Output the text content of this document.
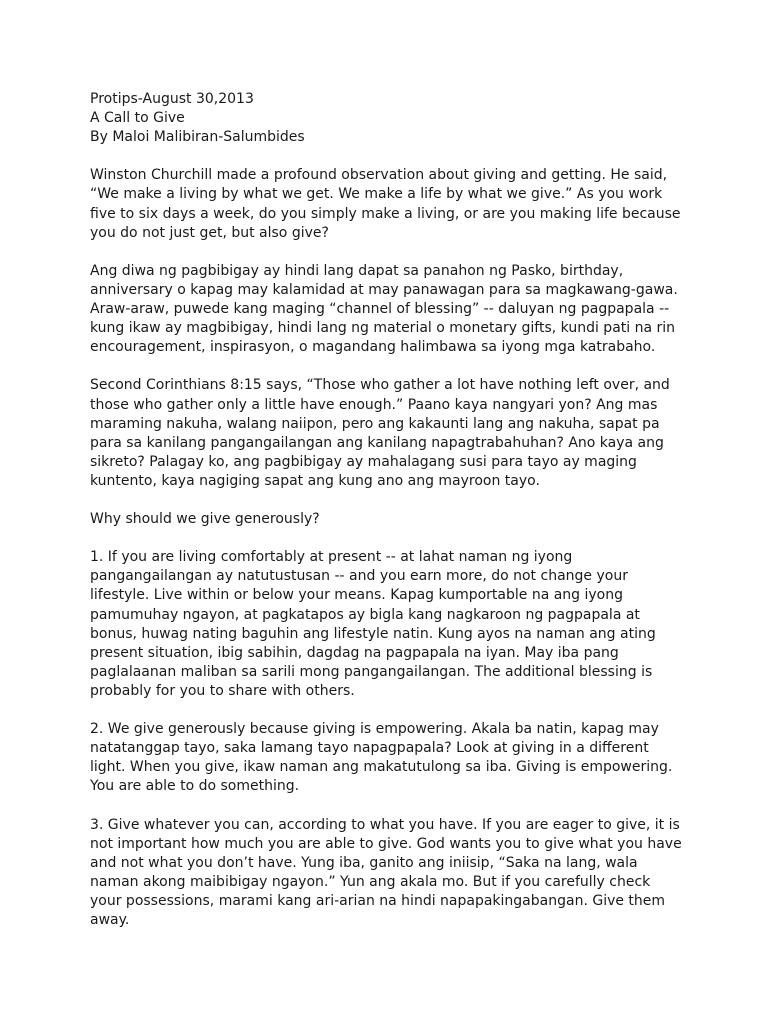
Protips-August 30,2013
A Call to Give
By Maloi Malibiran-Salumbides

Winston Churchill made a profound observation about giving and getting. He said,
“We make a living by what we get. We make a life by what we give.” As you work
five to six days a week, do you simply make a living, or are you making life because
you do not just get, but also give?

Ang diwa ng pagbibigay ay hindi lang dapat sa panahon ng Pasko, birthday,
anniversary o kapag may kalamidad at may panawagan para sa magkawang-gawa.
Araw-araw, puwede kang maging “channel of blessing” -- daluyan ng pagpapala --
kung ikaw ay magbibigay, hindi lang ng material o monetary gifts, kundi pati na rin
encouragement, inspirasyon, o magandang halimbawa sa iyong mga katrabaho.

Second Corinthians 8:15 says, “Those who gather a lot have nothing left over, and
those who gather only a little have enough.” Paano kaya nangyari yon? Ang mas
maraming nakuha, walang naiipon, pero ang kakaunti lang ang nakuha, sapat pa
para sa kanilang pangangailangan ang kanilang napagtrabahuhan? Ano kaya ang
sikreto? Palagay ko, ang pagbibigay ay mahalagang susi para tayo ay maging
kuntento, kaya nagiging sapat ang kung ano ang mayroon tayo.

Why should we give generously?

1. If you are living comfortably at present -- at lahat naman ng iyong
pangangailangan ay natutustusan -- and you earn more, do not change your
lifestyle. Live within or below your means. Kapag kumportable na ang iyong
pamumuhay ngayon, at pagkatapos ay bigla kang nagkaroon ng pagpapala at
bonus, huwag nating baguhin ang lifestyle natin. Kung ayos na naman ang ating
present situation, ibig sabihin, dagdag na pagpapala na iyan. May iba pang
paglalaanan maliban sa sarili mong pangangailangan. The additional blessing is
probably for you to share with others.

2. We give generously because giving is empowering. Akala ba natin, kapag may
natatanggap tayo, saka lamang tayo napagpapala? Look at giving in a different
light. When you give, ikaw naman ang makatutulong sa iba. Giving is empowering.
You are able to do something.

3. Give whatever you can, according to what you have. If you are eager to give, it is
not important how much you are able to give. God wants you to give what you have
and not what you don’t have. Yung iba, ganito ang iniisip, “Saka na lang, wala
naman akong maibibigay ngayon.” Yun ang akala mo. But if you carefully check
your possessions, marami kang ari-arian na hindi napapakingabangan. Give them
away.
